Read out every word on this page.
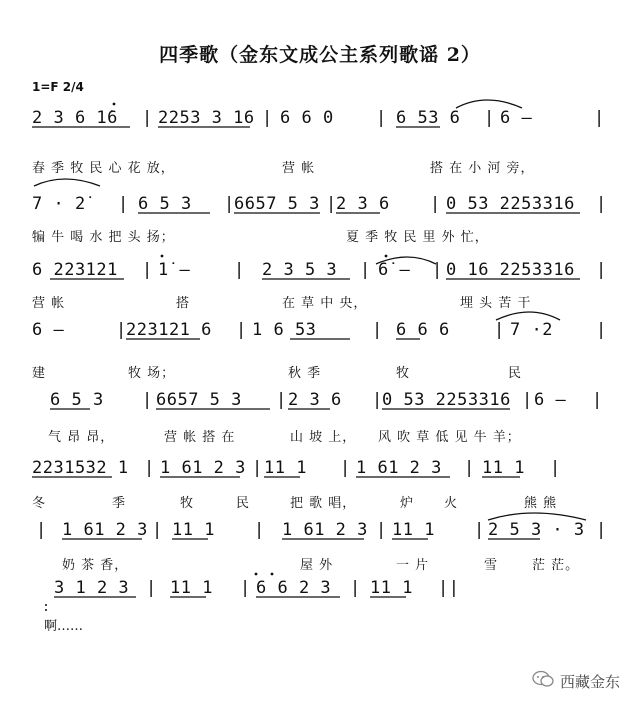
四季歌（金东文成公主系列歌谣 2）
1=F 2/4
2 3 6 1̇6 | 2253 3 16 | 6 6 0 | 6 53 6 | 6 —	|
春 季 牧 民 心 花 放，	营 帐	搭 在 小 河 旁，
7 · 2̇ | 6 5 3 | 6657 5 3 | 2 3 6 | 0 53 2253316 |
犏 牛 喝 水 把 头 扬；	夏 季 牧 民 里 外 忙，
6 223121 | 1̇ —	| 2 3 5 3 | 6̇ — | 0 16 2253316 |
营 帐	搭	在 草 中 央，	埋 头 苦 干
6 —	| 223121 6 | 1 6 53	| 6 6 6	| 7 ·2	|
建	牧 场；	秋 季	牧	民
6 5 3 | 6657 5 3 | 2 3 6 | 0 53 2253316 | 6 — |
气 昂 昂，	营 帐 搭 在	山 坡 上， 风 吹 草 低 见 牛 羊；
2231532 1 | 1 61 2 3 | 11 1 | 1 61 2 3 | 11 1 |
冬	季	牧	民	把 歌 唱，	炉 火	熊 熊
| 1 61 2 3 | 11 1 | 1 61 2 3 | 11 1 | 2 5 3 · 3 |
奶 茶 香，	屋 外	一 片	雪	茫 茫。
3 1 2 3 | 11 1 | 6 6 2 3 | 11 1 ||
啊……
西藏金东
